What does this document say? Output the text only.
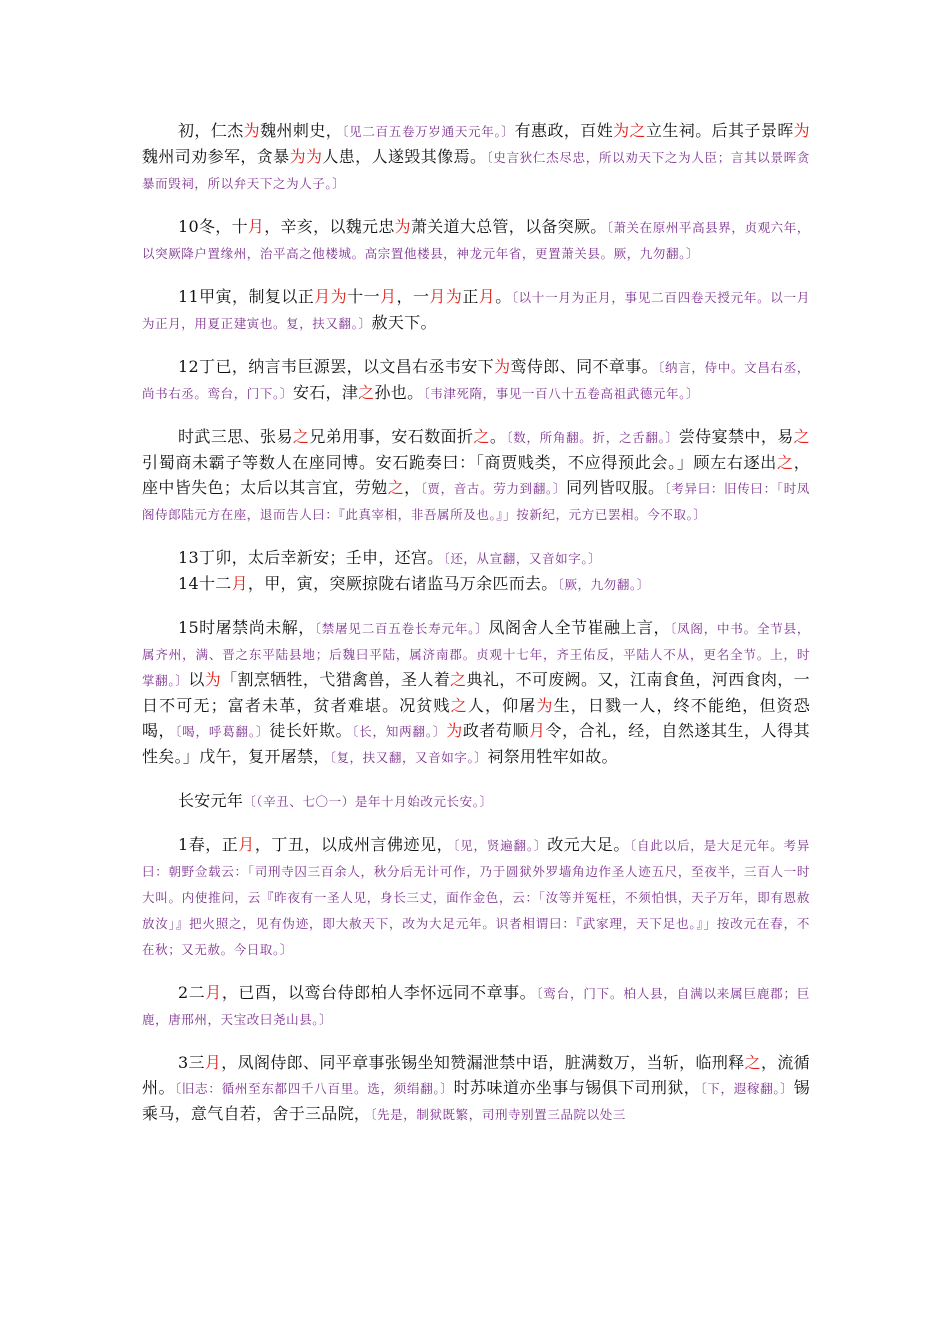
初，仁杰为魏州刺史，〔见二百五卷万岁通天元年。〕有惠政，百姓为之立生祠。后其子景晖为魏州司劝参军，贪暴为为人患，人遂毁其像焉。〔史言狄仁杰尽忠，所以劝天下之为人臣；言其以景晖贪暴而毁祠，所以弁天下之为人子。〕

10冬，十月，辛亥，以魏元忠为萧关道大总管，以备突厥。〔萧关在原州平高县界，贞观六年，以突厥降户置缘州，治平高之他楼城。高宗置他楼县，神龙元年省，更置萧关县。厥，九勿翻。〕

11甲寅，制复以正月为十一月，一月为正月。〔以十一月为正月，事见二百四卷天授元年。以一月为正月，用夏正建寅也。复，扶又翻。〕赦天下。

12丁已，纳言韦巨源罢，以文昌右丞韦安下为鸾侍郎、同不章事。〔纳言，侍中。文昌右丞，尚书右丞。鸾台，门下。〕安石，津之孙也。〔韦津死隋，事见一百八十五卷高祖武德元年。〕

时武三思、张易之兄弟用事，安石数面折之。〔数，所角翻。折，之舌翻。〕尝侍宴禁中，易之引蜀商未霸子等数人在座同博。安石跪奏曰：「商贾贱类，不应得预此会。」顾左右逐出之，座中皆失色；太后以其言宜，劳勉之，〔贾，音古。劳力到翻。〕同列皆叹服。〔考异曰：旧传曰：「时凤阁侍郎陆元方在座，退而告人曰：『此真宰相，非吾属所及也。』」按新纪，元方已罢相。今不取。〕

13丁卯，太后幸新安；壬申，还宫。〔还，从宣翻，又音如字。〕

14十二月，甲，寅，突厥掠陇右诸监马万余匹而去。〔厥，九勿翻。〕

15时屠禁尚未解，〔禁屠见二百五卷长寿元年。〕凤阁舍人全节崔融上言，〔凤阁，中书。全节县，属齐州，满、晋之东平陆县地；后魏曰平陆，属济南郡。贞观十七年，齐王佑反，平陆人不从，更名全节。上，时掌翻。〕以为「割烹牺牲，弋猎禽兽，圣人着之典礼，不可废阙。又，江南食鱼，河西食肉，一日不可无；富者未革，贫者难堪。况贫贱之人，仰屠为生，日戮一人，终不能绝，但资恐喝，〔喝，呼葛翻。〕徒长奸欺。〔长，知两翻。〕为政者苟顺月令，合礼，经，自然遂其生，人得其性矣。」戊午，复开屠禁，〔复，扶又翻，又音如字。〕祠祭用牲牢如故。

长安元年〔（辛丑、七〇一）是年十月始改元长安。〕

1春，正月，丁丑，以成州言佛迹见，〔见，贤遍翻。〕改元大足。〔自此以后，是大足元年。考异曰：朝野佥载云：「司刑寺囚三百余人，秋分后无计可作，乃于圆狱外罗墙角边作圣人迹五尺，至夜半，三百人一时大叫。内使推问，云『昨夜有一圣人见，身长三丈，面作金色，云：「汝等并冤枉，不须怕惧，天子万年，即有恩赦放汝」』把火照之，见有伪迹，即大赦天下，改为大足元年。识者相谓曰：『武家理，天下足也。』」按改元在春，不在秋；又无赦。今日取。〕

2二月，已酉，以鸾台侍郎柏人李怀远同不章事。〔鸾台，门下。柏人县，自满以来属巨鹿郡；巨鹿，唐邢州，天宝改曰尧山县。〕

3三月，凤阁侍郎、同平章事张锡坐知赞漏泄禁中语，脏满数万，当斩，临刑释之，流循州。〔旧志：循州至东都四千八百里。选，须绢翻。〕时苏味道亦坐事与锡俱下司刑狱，〔下，遐稼翻。〕锡乘马，意气自若，舍于三品院，〔先是，制狱既繁，司刑寺别置三品院以处三
